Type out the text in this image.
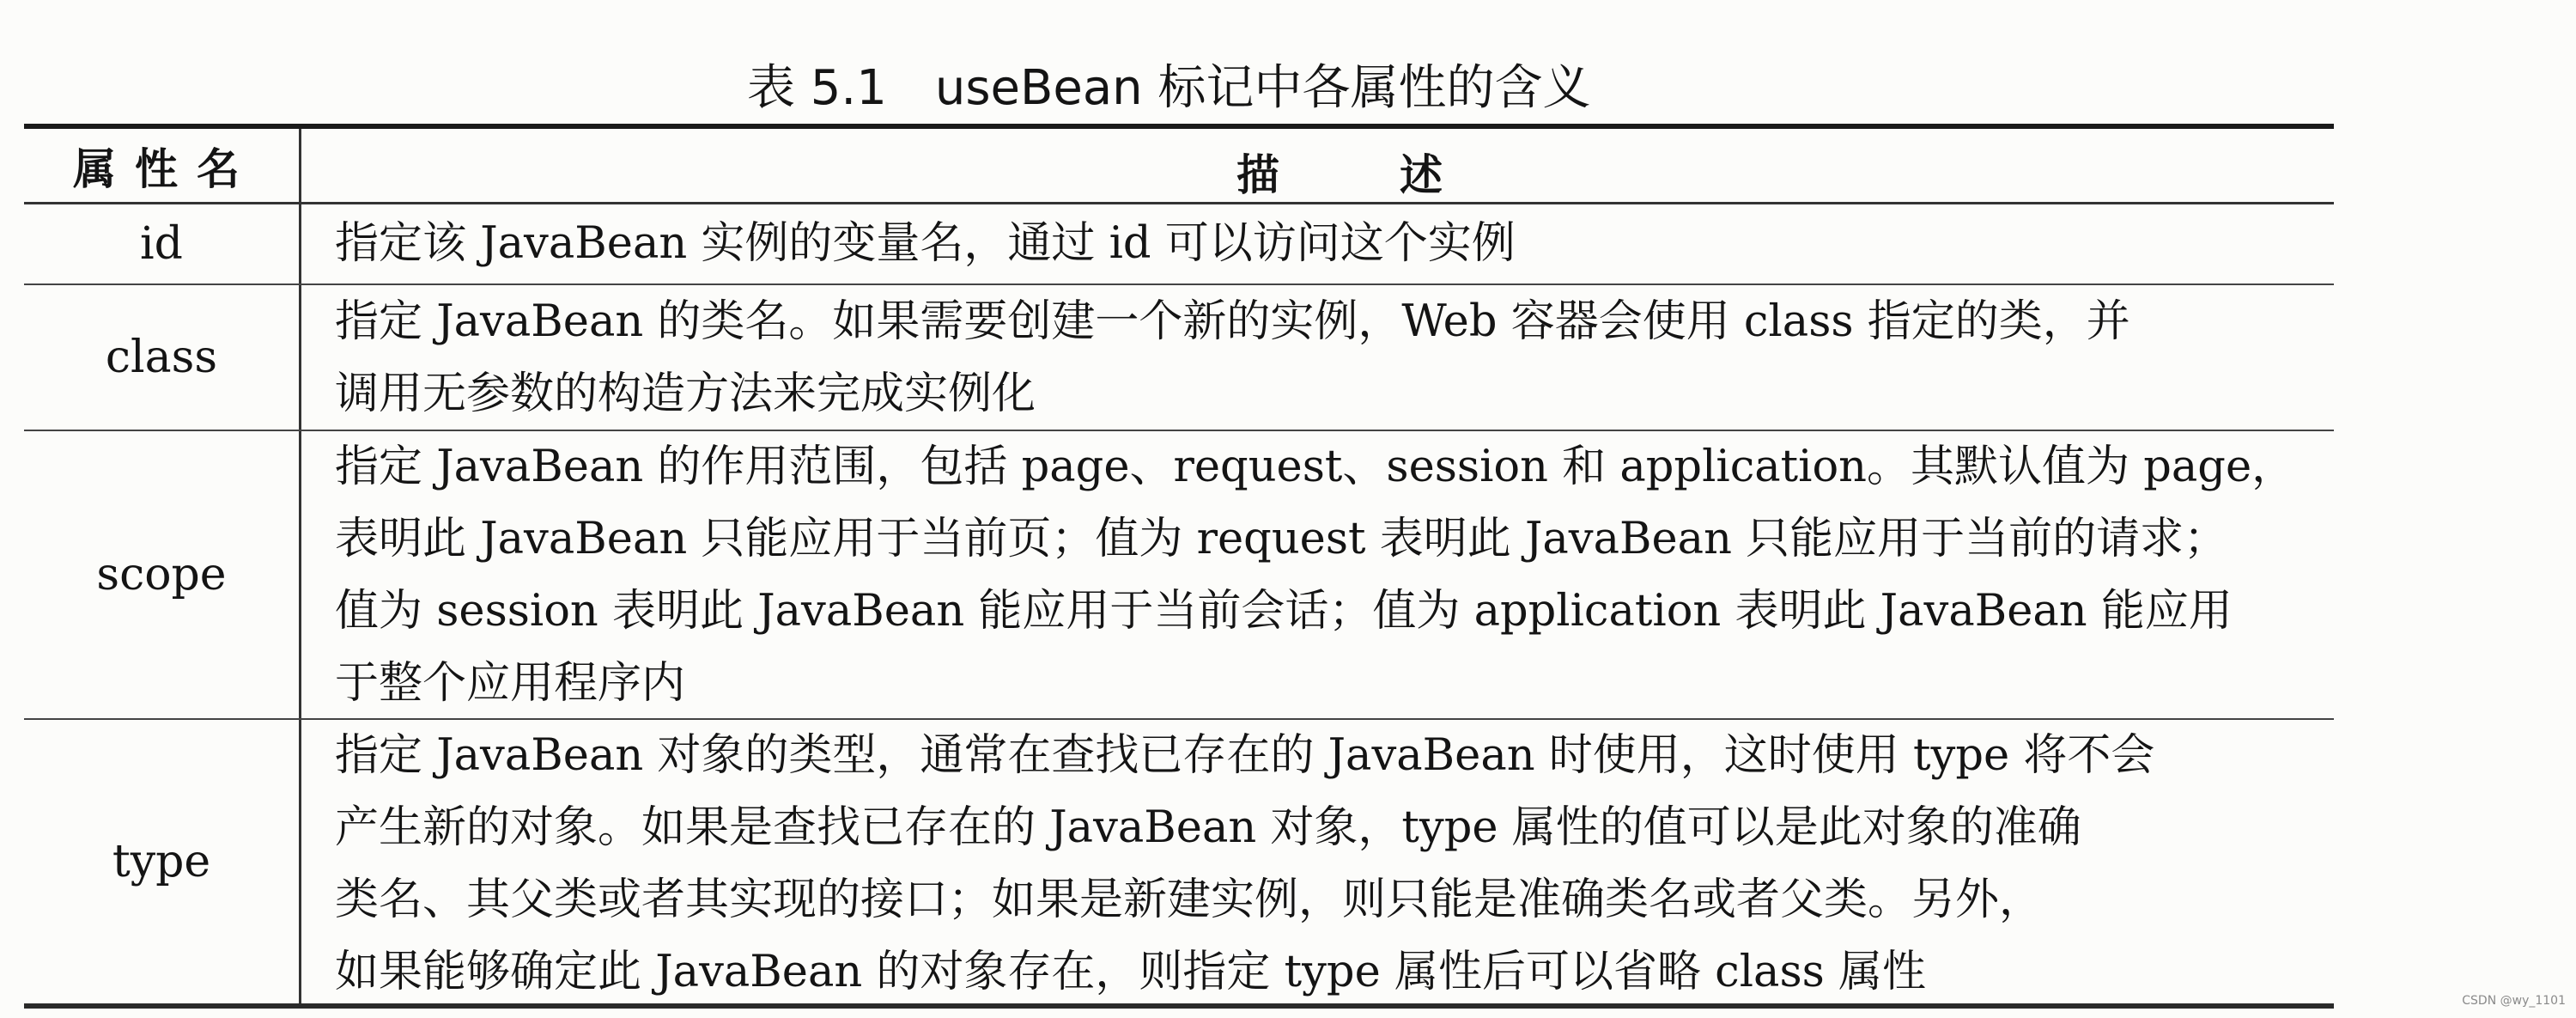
表 5.1　useBean 标记中各属性的含义
属性名	描述
id	指定该 JavaBean 实例的变量名，通过 id 可以访问这个实例
class
指定 JavaBean 的类名。如果需要创建一个新的实例，Web 容器会使用 class 指定的类，并
调用无参数的构造方法来完成实例化
scope
指定 JavaBean 的作用范围，包括 page、request、session 和 application。其默认值为 page，
表明此 JavaBean 只能应用于当前页；值为 request 表明此 JavaBean 只能应用于当前的请求；
值为 session 表明此 JavaBean 能应用于当前会话；值为 application 表明此 JavaBean 能应用
于整个应用程序内
type
指定 JavaBean 对象的类型，通常在查找已存在的 JavaBean 时使用，这时使用 type 将不会
产生新的对象。如果是查找已存在的 JavaBean 对象，type 属性的值可以是此对象的准确
类名、其父类或者其实现的接口；如果是新建实例，则只能是准确类名或者父类。另外，
如果能够确定此 JavaBean 的对象存在，则指定 type 属性后可以省略 class 属性
CSDN @wy_1101
